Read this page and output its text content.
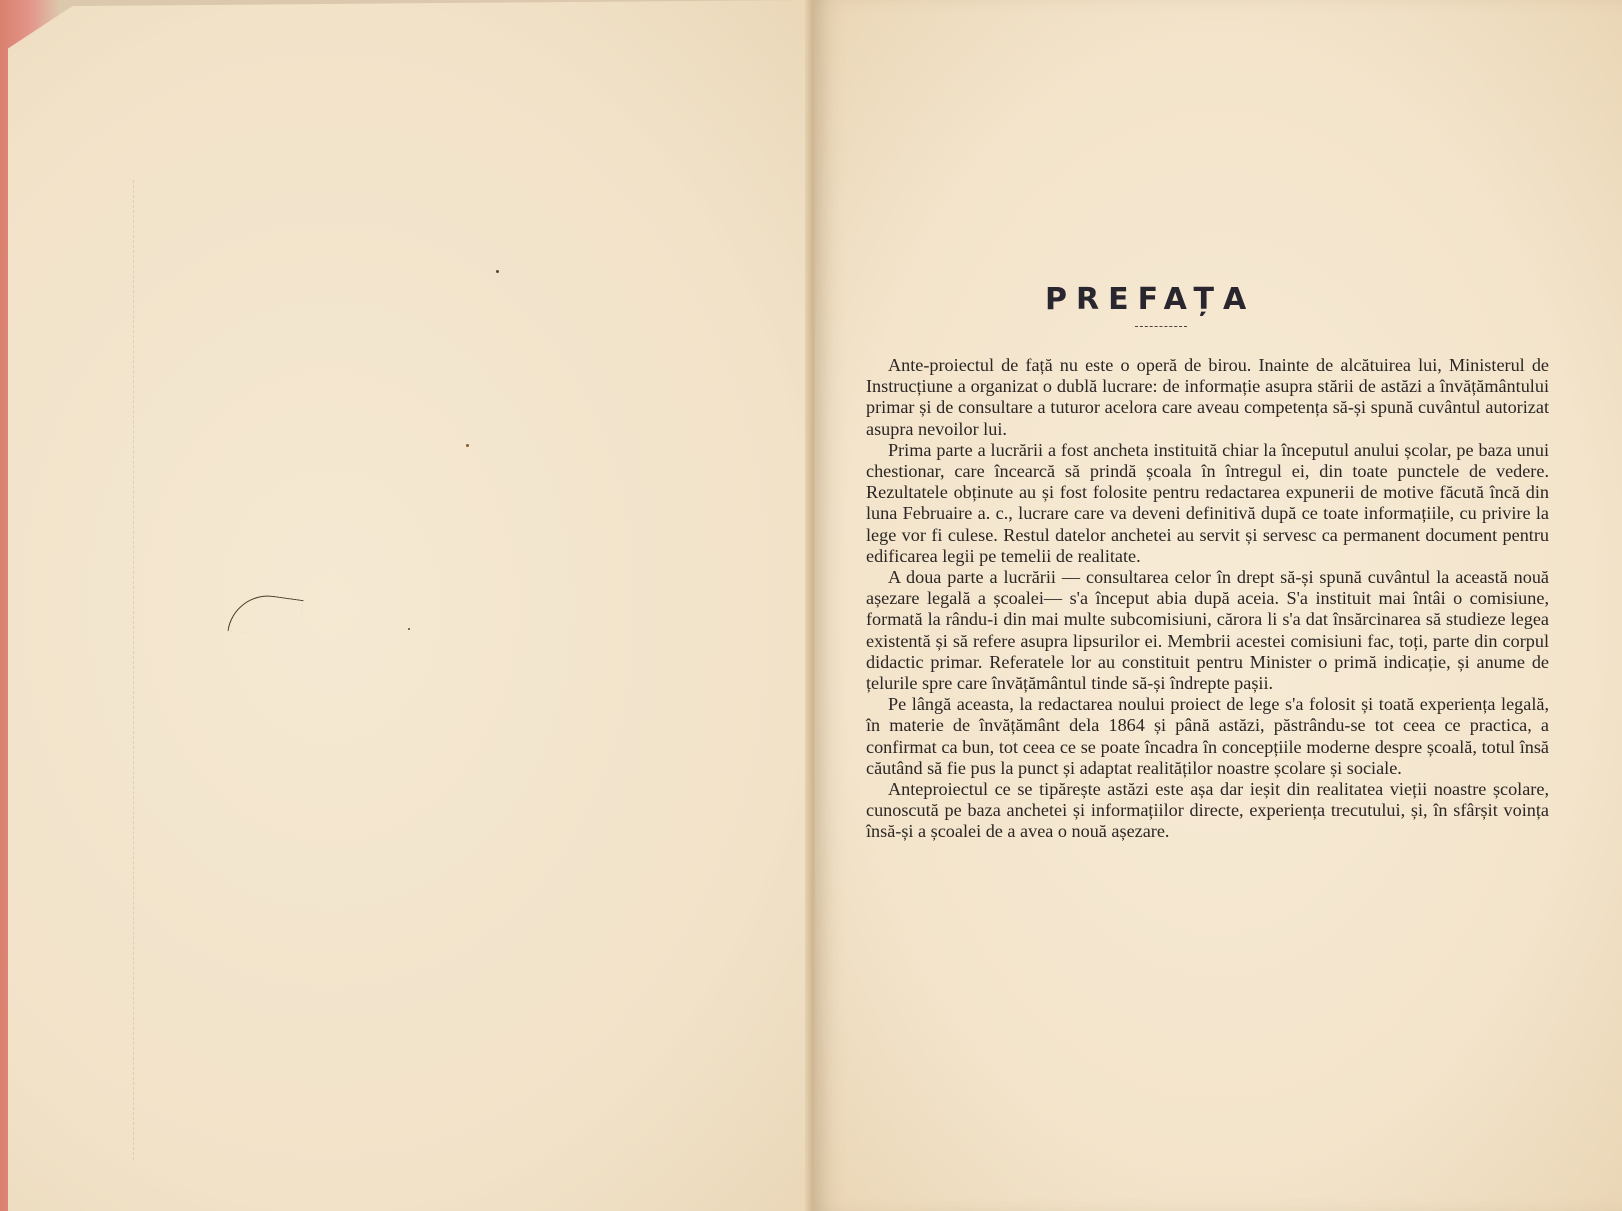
PREFAȚA

Ante-proiectul de față nu este o operă de birou. Inainte de alcătuirea lui, Ministerul de Instrucțiune a organizat o dublă lucrare: de informație asupra stării de astăzi a învățământului primar și de consultare a tuturor acelora care aveau competența să-și spună cuvântul autorizat asupra nevoilor lui.

Prima parte a lucrării a fost ancheta instituită chiar la începutul anului școlar, pe baza unui chestionar, care încearcă să prindă școala în întregul ei, din toate punctele de vedere. Rezultatele obținute au și fost folosite pentru redactarea expunerii de motive făcută încă din luna Februaire a. c., lucrare care va deveni definitivă după ce toate informațiile, cu privire la lege vor fi culese. Restul datelor anchetei au servit și servesc ca permanent document pentru edificarea legii pe temelii de realitate.

A doua parte a lucrării — consultarea celor în drept să-și spună cuvântul la această nouă așezare legală a școalei— s'a început abia după aceia. S'a instituit mai întâi o comisiune, formată la rându-i din mai multe subcomisiuni, cărora li s'a dat însărcinarea să studieze legea existentă și să refere asupra lipsurilor ei. Membrii acestei comisiuni fac, toți, parte din corpul didactic primar. Referatele lor au constituit pentru Minister o primă indicație, și anume de țelurile spre care învățământul tinde să-și îndrepte pașii.

Pe lângă aceasta, la redactarea noului proiect de lege s'a folosit și toată experiența legală, în materie de învățământ dela 1864 și până astăzi, păstrându-se tot ceea ce practica, a confirmat ca bun, tot ceea ce se poate încadra în concepțiile moderne despre școală, totul însă căutând să fie pus la punct și adaptat realităților noastre școlare și sociale.

Anteproiectul ce se tipărește astăzi este așa dar ieșit din realitatea vieții noastre școlare, cunoscută pe baza anchetei și informațiilor directe, experiența trecutului, și, în sfârșit voința însă-și a școalei de a avea o nouă așezare.
